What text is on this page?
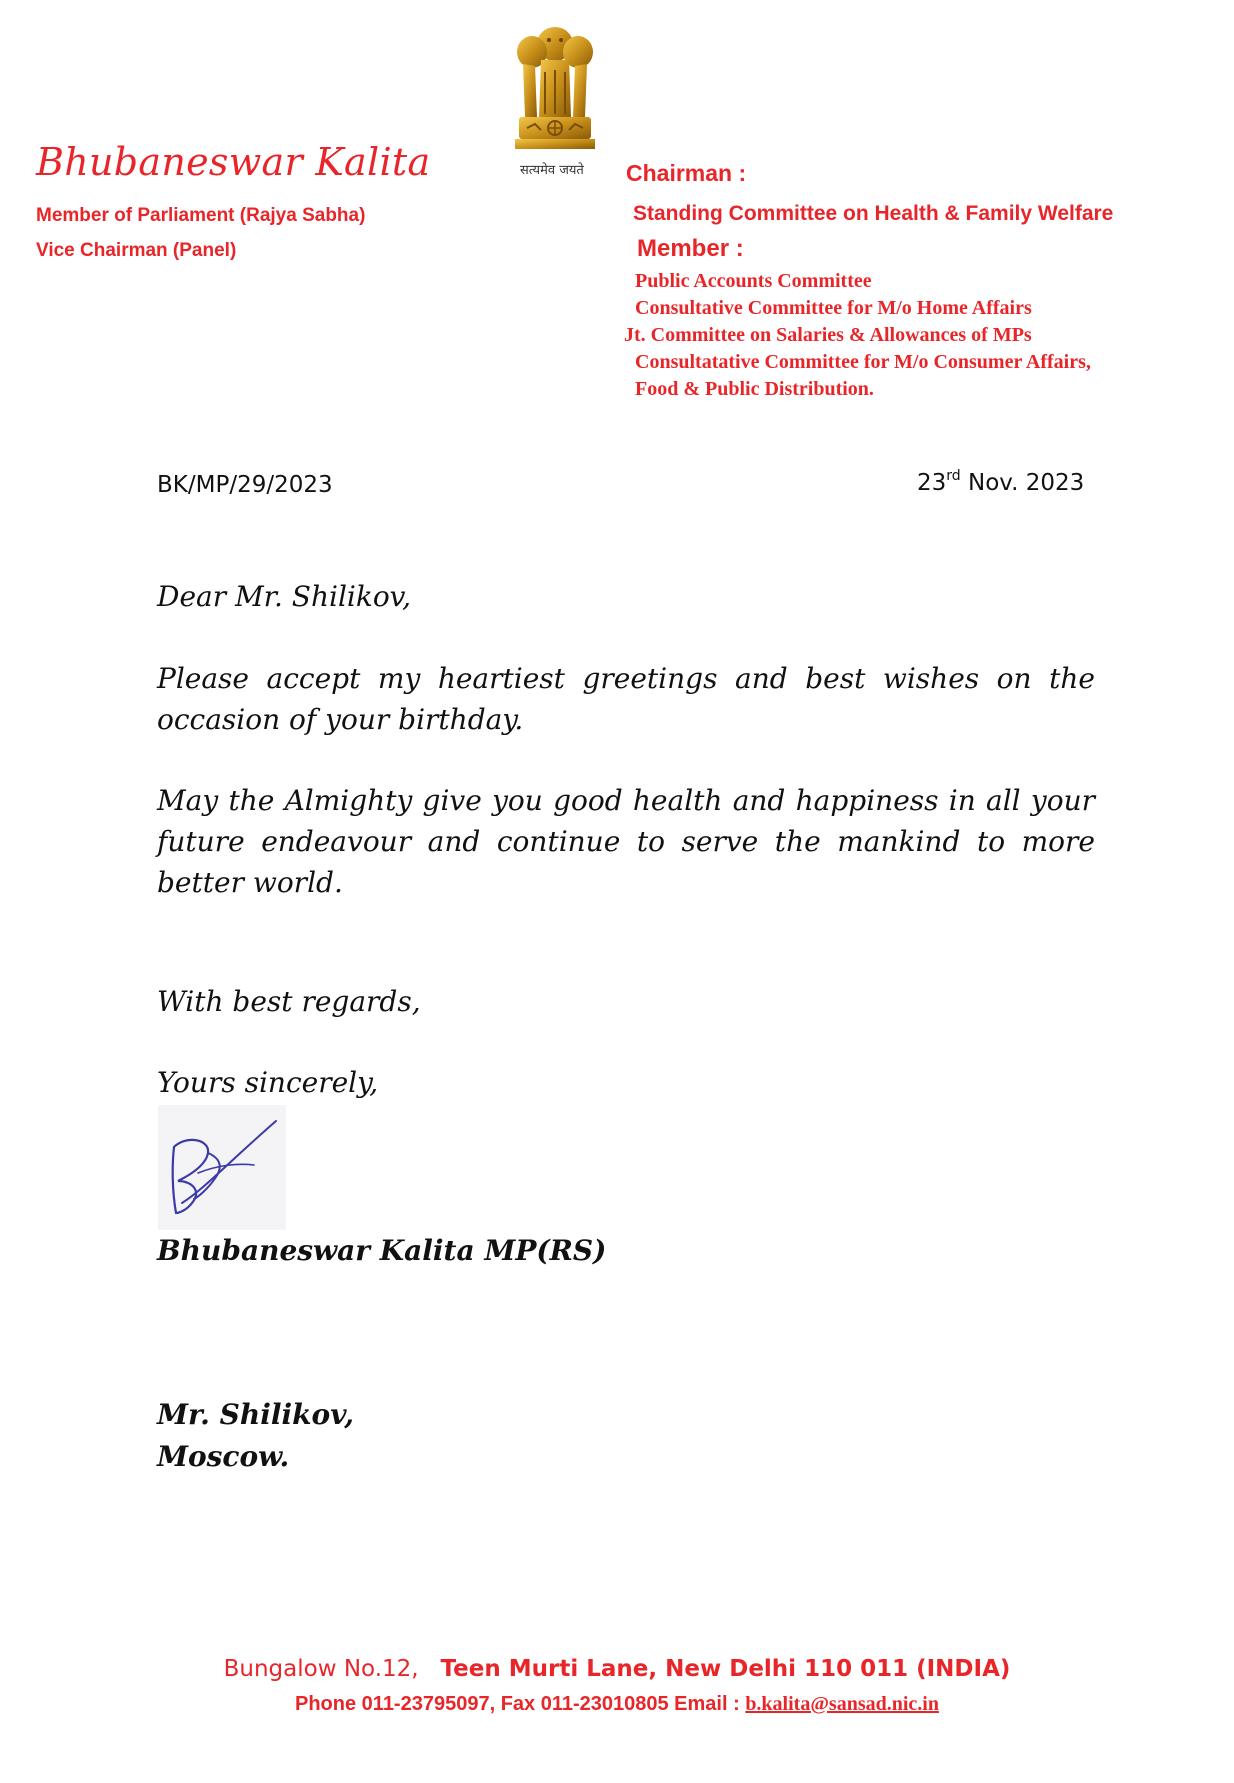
Bhubaneswar Kalita
Member of Parliament (Rajya Sabha)
Vice Chairman (Panel)
सत्यमेव जयते Chairman :
Standing Committee on Health & Family Welfare
Member :
Public Accounts Committee
Consultative Committee for M/o Home Affairs
Jt. Committee on Salaries & Allowances of MPs
Consultatative Committee for M/o Consumer Affairs,
Food & Public Distribution.
BK/MP/29/2023	23rd Nov. 2023
Dear Mr. Shilikov,
Please accept my heartiest greetings and best wishes on the occasion of your birthday.
May the Almighty give you good health and happiness in all your future endeavour and continue to serve the mankind to more better world.
With best regards,
Yours sincerely,
Bhubaneswar Kalita MP(RS)
Mr. Shilikov,
Moscow.
Bungalow No.12, Teen Murti Lane, New Delhi 110 011 (INDIA)
Phone 011-23795097, Fax 011-23010805 Email : b.kalita@sansad.nic.in
